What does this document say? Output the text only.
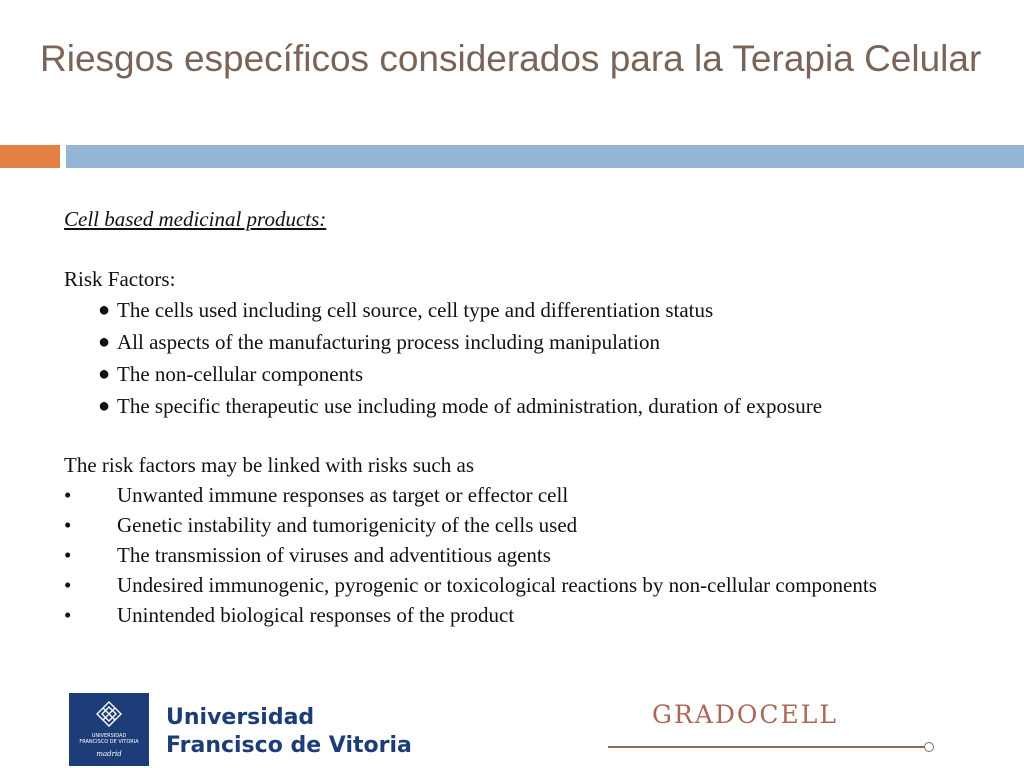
Riesgos específicos considerados para la Terapia Celular

Cell based medicinal products:

Risk Factors:

● The cells used including cell source, cell type and differentiation status
● All aspects of the manufacturing process including manipulation
● The non-cellular components
● The specific therapeutic use including mode of administration, duration of exposure

The risk factors may be linked with risks such as

• Unwanted immune responses as target or effector cell
• Genetic instability and tumorigenicity of the cells used
• The transmission of viruses and adventitious agents
• Undesired immunogenic, pyrogenic or toxicological reactions by non-cellular components
• Unintended biological responses of the product
UNIVERSIDAD
FRANCISCO DE VITORIA
madrid
Universidad
Francisco de Vitoria
GRADOCELL
